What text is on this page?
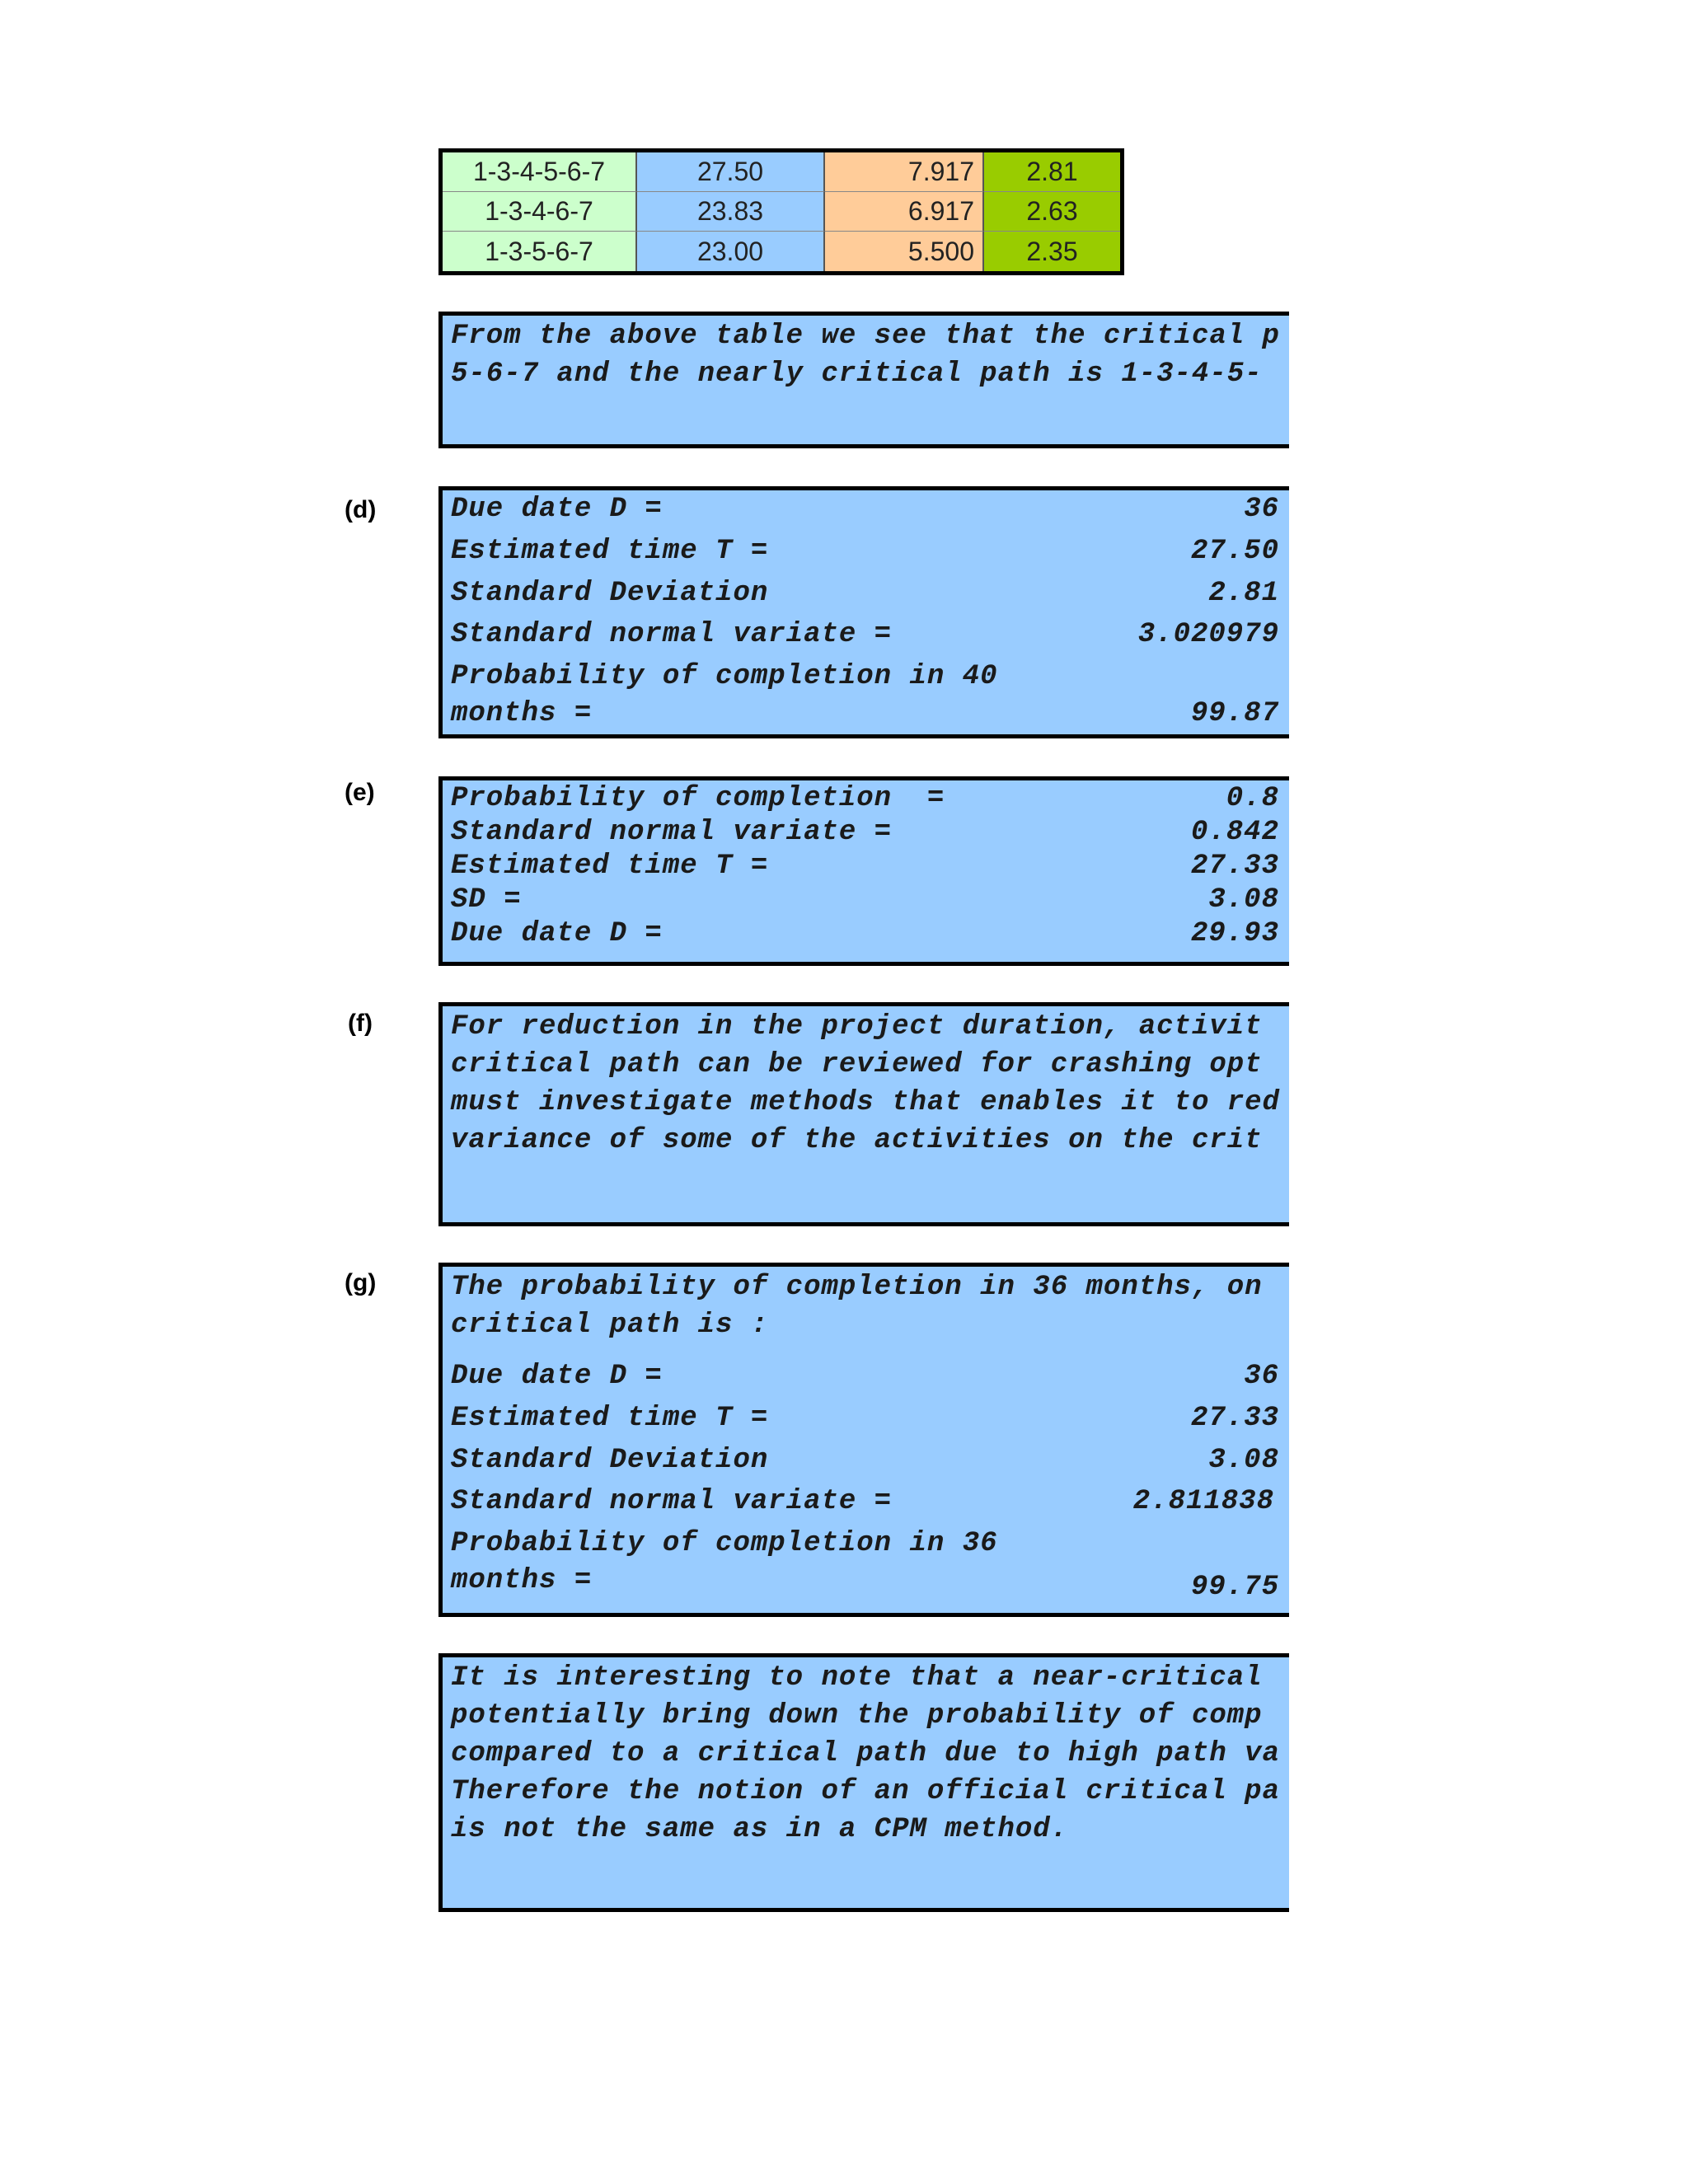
1-3-4-5-6-7	27.50	7.917	2.81
1-3-4-6-7	23.83	6.917	2.63
1-3-5-6-7	23.00	5.500	2.35
From the above table we see that the critical p
5-6-7 and the nearly critical path is 1-3-4-5-
(d)	Due date D =	36
Estimated time T =	27.50
Standard Deviation	2.81
Standard normal variate =	3.020979
Probability of completion in 40
months =	99.87
(e)	Probability of completion  =	0.8
Standard normal variate =	0.842
Estimated time T =	27.33
SD =	3.08
Due date D =	29.93
(f)	For reduction in the project duration, activit
critical path can be reviewed for crashing opt
must investigate methods that enables it to red
variance of some of the activities on the crit
(g)	The probability of completion in 36 months, on
critical path is :
Due date D =	36
Estimated time T =	27.33
Standard Deviation	3.08
Standard normal variate =	2.811838
Probability of completion in 36
months =	99.75
It is interesting to note that a near-critical
potentially bring down the probability of comp
compared to a critical path due to high path va
Therefore the notion of an official critical pa
is not the same as in a CPM method.
